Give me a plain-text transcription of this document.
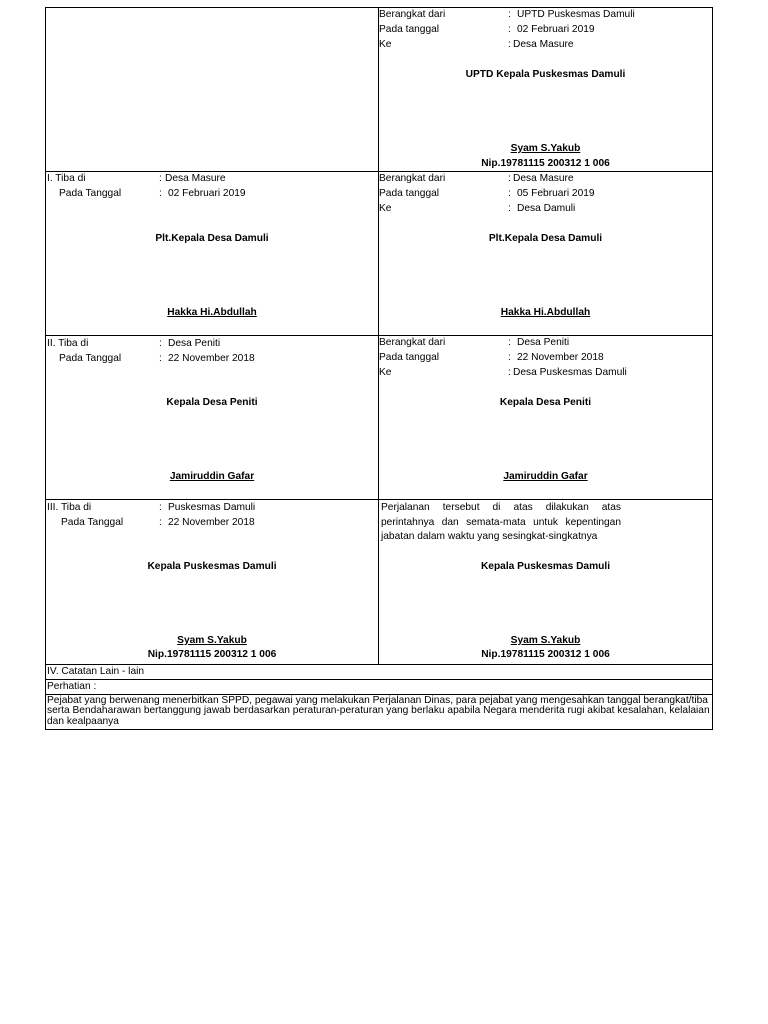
Berangkat dari	: UPTD Puskesmas Damuli
Pada tanggal	: 02 Februari 2019
Ke	: Desa Masure
UPTD Kepala Puskesmas Damuli
Syam S.Yakub
Nip.19781115 200312 1 006
I. Tiba di	: Desa Masure
Pada Tanggal	: 02 Februari 2019
Plt.Kepala Desa Damuli
Hakka Hi.Abdullah
Berangkat dari	: Desa Masure
Pada tanggal	: 05 Februari 2019
Ke	: Desa Damuli
Plt.Kepala Desa Damuli
Hakka Hi.Abdullah
II. Tiba di	: Desa Peniti
Pada Tanggal	: 22 November 2018
Kepala Desa Peniti
Jamiruddin Gafar
Berangkat dari	: Desa Peniti
Pada tanggal	: 22 November 2018
Ke	: Desa Puskesmas Damuli
Kepala Desa Peniti
Jamiruddin Gafar
III. Tiba di	: Puskesmas Damuli
Pada Tanggal	: 22 November 2018
Kepala Puskesmas Damuli
Syam S.Yakub
Nip.19781115 200312 1 006
Perjalanan tersebut di atas dilakukan atas
perintahnya dan semata-mata untuk kepentingan
jabatan dalam waktu yang sesingkat-singkatnya
Kepala Puskesmas Damuli
Syam S.Yakub
Nip.19781115 200312 1 006
IV. Catatan Lain - lain
Perhatian :
Pejabat yang berwenang menerbitkan SPPD, pegawai yang melakukan Perjalanan Dinas, para pejabat yang mengesahkan tanggal berangkat/tiba serta Bendaharawan bertanggung jawab berdasarkan peraturan-peraturan yang berlaku apabila Negara menderita rugi akibat kesalahan, kelalaian dan kealpaanya
